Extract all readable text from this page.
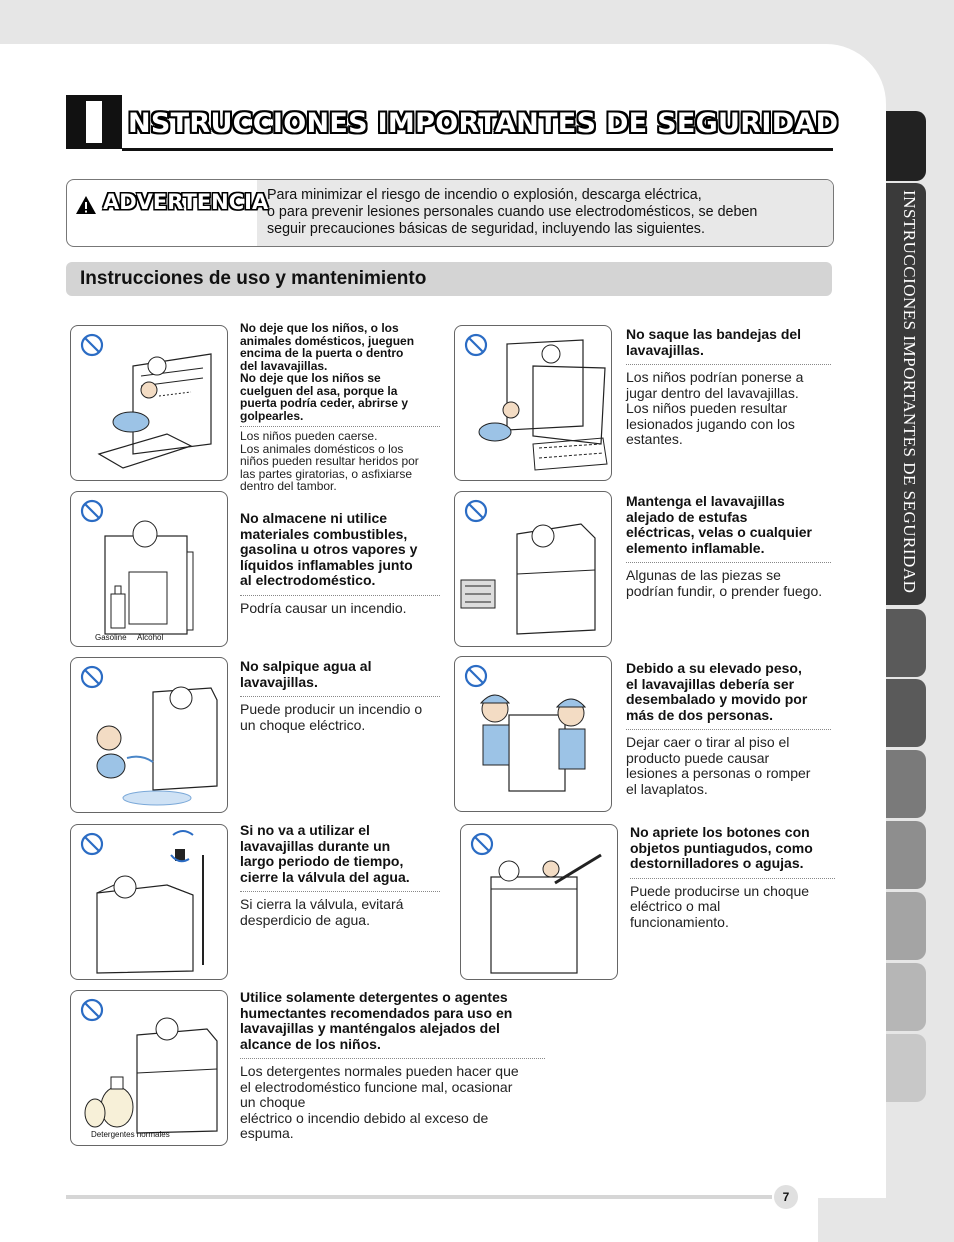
INSTRUCCIONES IMPORTANTES DE SEGURIDAD
NSTRUCCIONES IMPORTANTES DE SEGURIDAD
ADVERTENCIA
Para minimizar el riesgo de incendio o explosión, descarga eléctrica,
o para prevenir lesiones personales cuando use electrodomésticos, se deben
seguir precauciones básicas de seguridad, incluyendo las siguientes.
Instrucciones de uso y mantenimiento
No deje que los niños, o los
animales domésticos, jueguen
encima de la puerta o dentro
del lavavajillas.
No deje que los niños se
cuelguen del asa, porque la
puerta podría ceder, abrirse y
golpearles.
Los niños pueden caerse.
Los animales domésticos o los
niños pueden resultar heridos por
las partes giratorias, o asfixiarse
dentro del tambor.
No saque las bandejas del
lavavajillas.
Los niños podrían ponerse a
jugar dentro del lavavajillas.
Los niños pueden resultar
lesionados jugando con los
estantes.
Gasoline Alcohol
No almacene ni utilice
materiales combustibles,
gasolina u otros vapores y
líquidos inflamables junto
al electrodoméstico.
Podría causar un incendio.
Mantenga el lavavajillas
alejado de estufas
eléctricas, velas o cualquier
elemento inflamable.
Algunas de las piezas se
podrían fundir, o prender fuego.
No salpique agua al
lavavajillas.
Puede producir un incendio o
un choque eléctrico.
Debido a su elevado peso,
el lavavajillas debería ser
desembalado y movido por
más de dos personas.
Dejar caer o tirar al piso el
producto puede causar
lesiones a personas o romper
el lavaplatos.
Si no va a utilizar el
lavavajillas durante un
largo periodo de tiempo,
cierre la válvula del agua.
Si cierra la válvula, evitará
desperdicio de agua.
No apriete los botones con
objetos puntiagudos, como
destornilladores o agujas.
Puede producirse un choque
eléctrico o mal
funcionamiento.
Detergentes normales
Utilice solamente detergentes o agentes
humectantes recomendados para uso en
lavavajillas y manténgalos alejados del
alcance de los niños.
Los detergentes normales pueden hacer que
el electrodoméstico funcione mal, ocasionar
un choque
eléctrico o incendio debido al exceso de
espuma.
7
